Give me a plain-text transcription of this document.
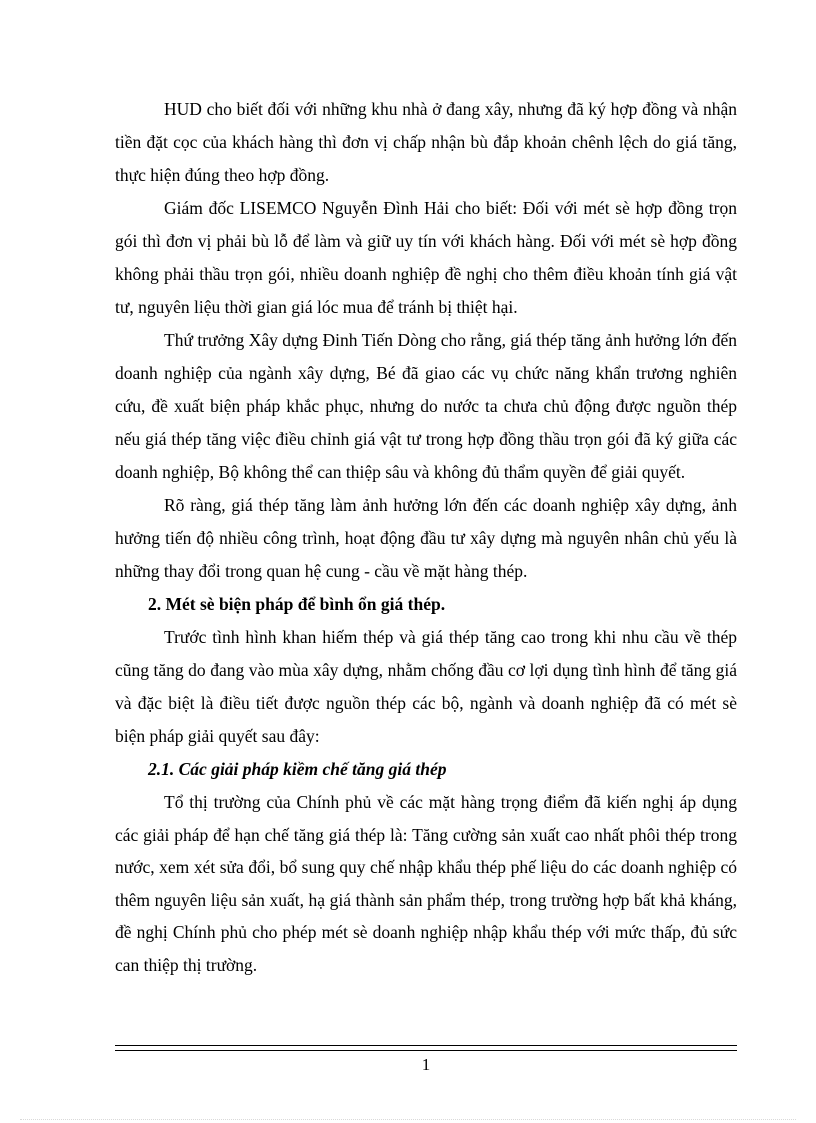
HUD cho biết đối với những khu nhà ở đang xây, nhưng đã ký hợp đồng và nhận tiền đặt cọc của khách hàng thì đơn vị chấp nhận bù đắp khoản chênh lệch do giá tăng, thực hiện đúng theo hợp đồng.

Giám đốc LISEMCO Nguyễn Đình Hải cho biết: Đối với mét sè hợp đồng trọn gói thì đơn vị phải bù lỗ để làm và giữ uy tín với khách hàng. Đối với mét sè hợp đồng không phải thầu trọn gói, nhiều doanh nghiệp đề nghị cho thêm điều khoản tính giá vật tư, nguyên liệu thời gian giá lóc mua để tránh bị thiệt hại.

Thứ trưởng Xây dựng Đinh Tiến Dòng cho rằng, giá thép tăng ảnh hưởng lớn đến doanh nghiệp của ngành xây dựng, Bé đã giao các vụ chức năng khẩn trương nghiên cứu, đề xuất biện pháp khắc phục, nhưng do nước ta chưa chủ động được nguồn thép nếu giá thép tăng việc điều chỉnh giá vật tư trong hợp đồng thầu trọn gói đã ký giữa các doanh nghiệp, Bộ không thể can thiệp sâu và không đủ thẩm quyền để giải quyết.

Rõ ràng, giá thép tăng làm ảnh hưởng lớn đến các doanh nghiệp xây dựng, ảnh hưởng tiến độ nhiều công trình, hoạt động đầu tư xây dựng mà nguyên nhân chủ yếu là những thay đổi trong quan hệ cung - cầu về mặt hàng thép.

2. Mét sè biện pháp để bình ổn giá thép.

Trước tình hình khan hiếm thép và giá thép tăng cao trong khi nhu cầu về thép cũng tăng do đang vào mùa xây dựng, nhằm chống đầu cơ lợi dụng tình hình để tăng giá và đặc biệt là điều tiết được nguồn thép các bộ, ngành và doanh nghiệp đã có mét sè biện pháp giải quyết sau đây:

2.1. Các giải pháp kiềm chế tăng giá thép

Tổ thị trường của Chính phủ về các mặt hàng trọng điểm đã kiến nghị áp dụng các giải pháp để hạn chế tăng giá thép là: Tăng cường sản xuất cao nhất phôi thép trong nước, xem xét sửa đổi, bổ sung quy chế nhập khẩu thép phế liệu do các doanh nghiệp có thêm nguyên liệu sản xuất, hạ giá thành sản phẩm thép, trong trường hợp bất khả kháng, đề nghị Chính phủ cho phép mét sè doanh nghiệp nhập khẩu thép với mức thấp, đủ sức can thiệp thị trường.

1
